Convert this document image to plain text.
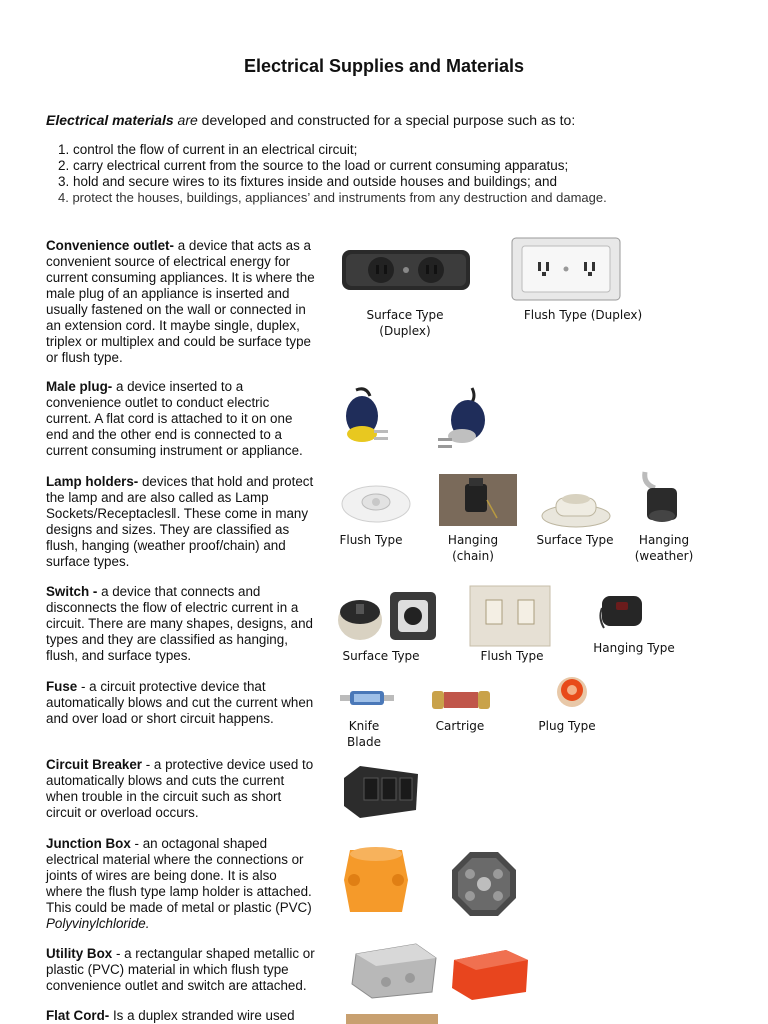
Electrical Supplies and Materials
Electrical materials are developed and constructed for a special purpose such as to:
1. control the flow of current in an electrical circuit;
2. carry electrical current from the source to the load or current consuming apparatus;
3. hold and secure wires to its fixtures inside and outside houses and buildings; and
4. protect the houses, buildings, appliances’ and instruments from any destruction and damage.
Convenience outlet- a device that acts as a convenient source of electrical energy for current consuming appliances. It is where the male plug of an appliance is inserted and usually fastened on the wall or connected in an extension cord. It maybe single, duplex, triplex or multiplex and could be surface type or flush type.
Surface Type (Duplex)
Flush Type (Duplex)
Male plug- a device inserted to a convenience outlet to conduct electric current. A flat cord is attached to it on one end and the other end is connected to a current consuming instrument or appliance.
Lamp holders- devices that hold and protect the lamp and are also called as Lamp Sockets/Receptacles‖. These come in many designs and sizes. They are classified as flush, hanging (weather proof/chain) and surface types.
Flush Type	Hanging (chain)
Surface Type	Hanging (weather)
Switch - a device that connects and disconnects the flow of electric current in a circuit. There are many shapes, designs, and types and they are classified as hanging, flush, and surface types.	Surface Type	Flush Type
Hanging Type
Fuse - a circuit protective device that automatically blows and cut the current when and over load or short circuit happens.	Knife Blade
Cartrige	Plug Type
Circuit Breaker - a protective device used to automatically blows and cuts the current when trouble in the circuit such as short circuit or overload occurs.
Junction Box - an octagonal shaped electrical material where the connections or joints of wires are being done. It is also where the flush type lamp holder is attached. This could be made of metal or plastic (PVC) Polyvinylchloride.
Utility Box - a rectangular shaped metallic or plastic (PVC) material in which flush type convenience outlet and switch are attached.
Flat Cord- Is a duplex stranded wire used
